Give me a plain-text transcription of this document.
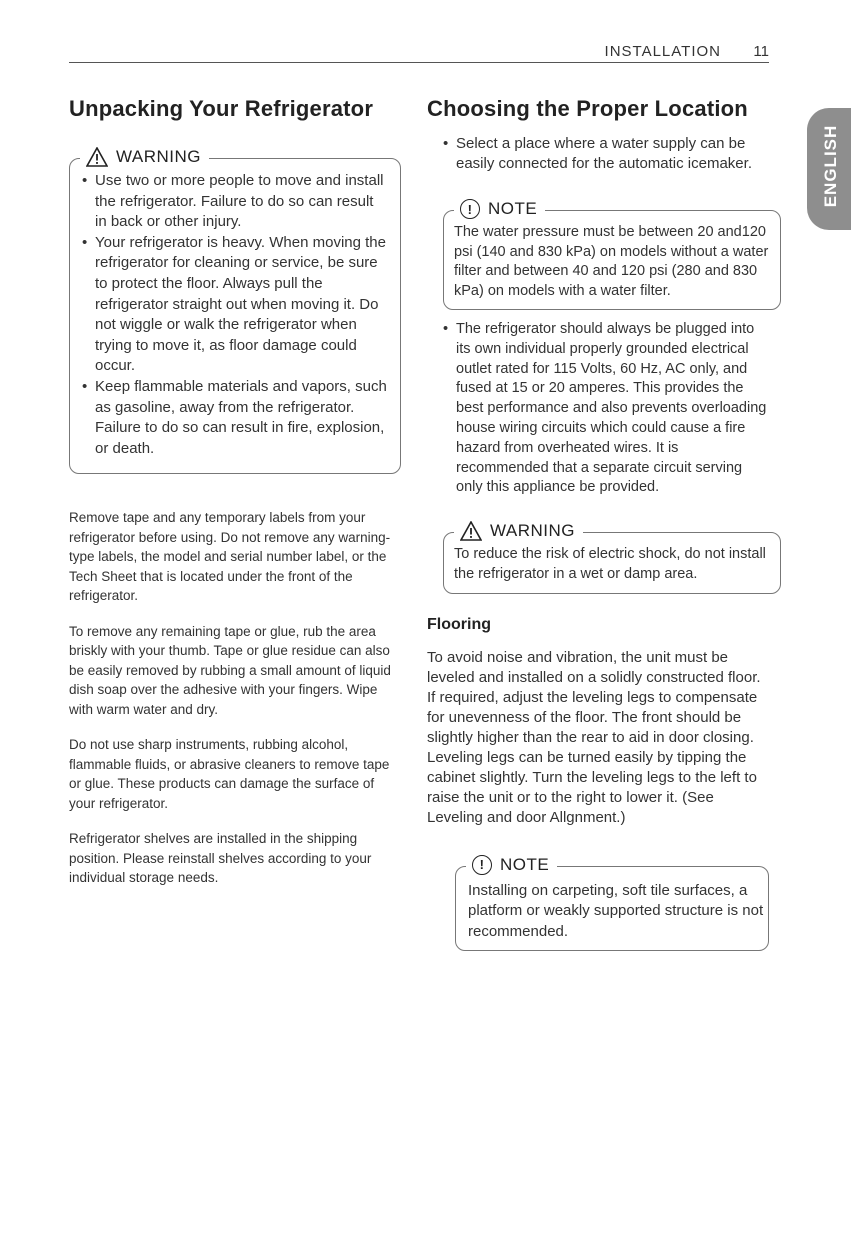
INSTALLATION 11
ENGLISH
Unpacking Your Refrigerator
WARNING
• Use two or more people to move and install the refrigerator. Failure to do so can result in back or other injury.
• Your refrigerator is heavy. When moving the refrigerator for cleaning or service, be sure to protect the floor. Always pull the refrigerator straight out when moving it. Do not wiggle or walk the refrigerator when trying to move it, as floor damage could occur.
• Keep flammable materials and vapors, such as gasoline, away from the refrigerator. Failure to do so can result in fire, explosion, or death.

Remove tape and any temporary labels from your refrigerator before using. Do not remove any warning-type labels, the model and serial number label, or the Tech Sheet that is located under the front of the refrigerator.

To remove any remaining tape or glue, rub the area briskly with your thumb. Tape or glue residue can also be easily removed by rubbing a small amount of liquid dish soap over the adhesive with your fingers. Wipe with warm water and dry.

Do not use sharp instruments, rubbing alcohol, flammable fluids, or abrasive cleaners to remove tape or glue. These products can damage the surface of your refrigerator.

Refrigerator shelves are installed in the shipping position. Please reinstall shelves according to your individual storage needs.

Choosing the Proper Location
• Select a place where a water supply can be easily connected for the automatic icemaker.
! NOTE
The water pressure must be between 20 and120 psi (140 and 830 kPa) on models without a water filter and between 40 and 120 psi (280 and 830 kPa) on models with a water filter.
• The refrigerator should always be plugged into its own individual properly grounded electrical outlet rated for 115 Volts, 60 Hz, AC only, and fused at 15 or 20 amperes. This provides the best performance and also prevents overloading house wiring circuits which could cause a fire hazard from overheated wires. It is recommended that a separate circuit serving only this appliance be provided.
WARNING
To reduce the risk of electric shock, do not install the refrigerator in a wet or damp area.
Flooring
To avoid noise and vibration, the unit must be leveled and installed on a solidly constructed floor. If required, adjust the leveling legs to compensate for unevenness of the floor. The front should be slightly higher than the rear to aid in door closing. Leveling legs can be turned easily by tipping the cabinet slightly. Turn the leveling legs to the left to raise the unit or to the right to lower it. (See Leveling and door Allgnment.)
! NOTE
Installing on carpeting, soft tile surfaces, a platform or weakly supported structure is not recommended.
